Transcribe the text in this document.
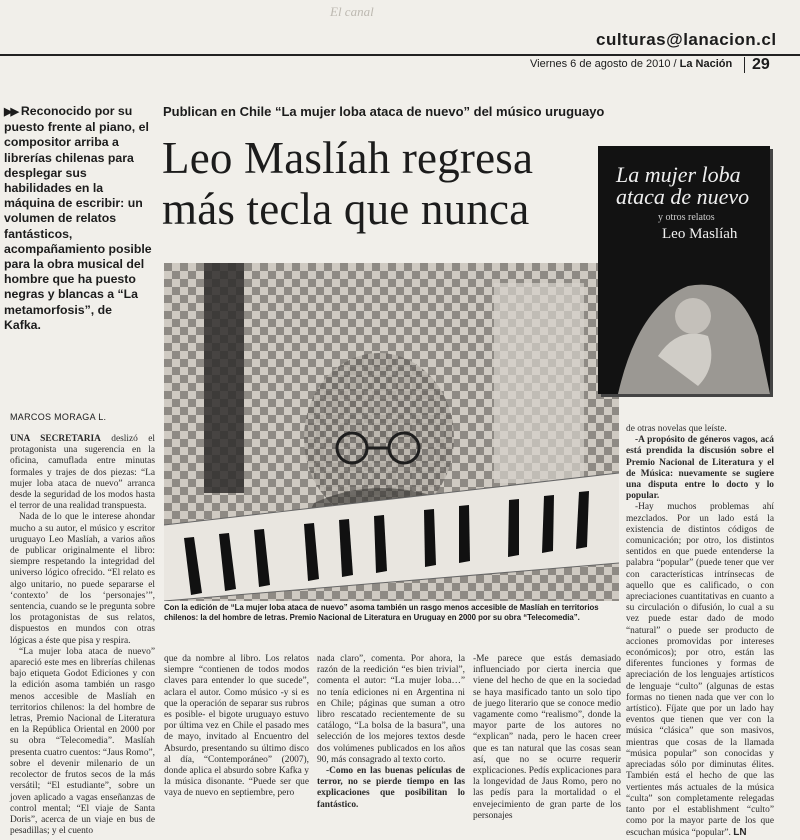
El canal
culturas@lanacion.cl
Viernes 6 de agosto de 2010 / La Nación 29
▶▶ Reconocido por su puesto frente al piano, el compositor arriba a librerías chilenas para desplegar sus habilidades en la máquina de escribir: un volumen de relatos fantásticos, acompañamiento posible para la obra musical del hombre que ha puesto negras y blancas a “La metamorfosis”, de Kafka.
Publican en Chile “La mujer loba ataca de nuevo” del músico uruguayo
Leo Maslíah regresa más tecla que nunca
La mujer loba ataca de nuevo
y otros relatos
Leo Maslíah
Con la edición de “La mujer loba ataca de nuevo” asoma también un rasgo menos accesible de Maslíah en territorios chilenos: la del hombre de letras. Premio Nacional de Literatura en Uruguay en 2000 por su obra “Telecomedia”.
MARCOS MORAGA L.

UNA SECRETARIA deslizó el protagonista una sugerencia en la oficina, camuflada entre minutas formales y trajes de dos piezas: “La mujer loba ataca de nuevo” arranca desde la seguridad de los modos hasta el terror de una realidad transpuesta.

Nada de lo que le interese ahondar mucho a su autor, el músico y escritor uruguayo Leo Maslíah, a varios años de publicar originalmente el libro: siempre respetando la integridad del universo lógico ofrecido. “El relato es algo unitario, no puede separarse el ‘contexto’ de los ‘personajes’”, sentencia, cuando se le pregunta sobre los protagonistas de sus relatos, dispuestos en mundos con otras lógicas a éste que pisa y respira.

“La mujer loba ataca de nuevo” apareció este mes en librerías chilenas bajo etiqueta Godot Ediciones y con la edición asoma también un rasgo menos accesible de Maslíah en territorios chilenos: la del hombre de letras, Premio Nacional de Literatura en la República Oriental en 2000 por su obra “Telecomedia”. Maslíah presenta cuatro cuentos: “Jaus Romo”, sobre el devenir milenario de un recolector de frutos secos de la más versátil; “El estudiante”, sobre un joven aplicado a vagas enseñanzas de control mental; “El viaje de Santa Doris”, acerca de un viaje en bus de pesadillas; y el cuento

que da nombre al libro. Los relatos siempre “contienen de todos modos claves para entender lo que sucede”, aclara el autor. Como músico -y si es que la operación de separar sus rubros es posible- el bigote uruguayo estuvo por última vez en Chile el pasado mes de mayo, invitado al Encuentro del Absurdo, presentando su último disco al día, “Contemporáneo” (2007), donde aplica el absurdo sobre Kafka y la música disonante. “Puede ser que vaya de nuevo en septiembre, pero

nada claro”, comenta. Por ahora, la razón de la reedición “es bien trivial”, comenta el autor: “La mujer loba…” no tenía ediciones ni en Argentina ni en Chile; páginas que suman a otro libro rescatado recientemente de su catálogo, “La bolsa de la basura”, una selección de los mejores textos desde dos volúmenes publicados en los años 90, más consagrado al texto corto.

-Como en las buenas películas de terror, no se pierde tiempo en las explicaciones que posibilitan lo fantástico.

-Me parece que estás demasiado influenciado por cierta inercia que viene del hecho de que en la sociedad se haya masificado tanto un solo tipo de juego literario que se conoce medio vagamente como “realismo”, donde la mayor parte de los autores no “explican” nada, pero le hacen creer que es tan natural que las cosas sean así, que no se ocurre requerir explicaciones. Pedís explicaciones para la longevidad de Jaus Romo, pero no las pedís para la mortalidad o el envejecimiento de gran parte de los personajes

de otras novelas que leíste.

-A propósito de géneros vagos, acá está prendida la discusión sobre el Premio Nacional de Literatura y el de Música: nuevamente se sugiere una disputa entre lo docto y lo popular.

-Hay muchos problemas ahí mezclados. Por un lado está la existencia de distintos códigos de comunicación; por otro, los distintos sentidos en que puede entenderse la palabra “popular” (puede tener que ver con características intrínsecas de aquello que es calificado, o con apreciaciones cuantitativas en cuanto a su circulación o difusión, lo cual a su vez puede estar dado de modo “natural” o puede ser producto de acciones promovidas por intereses económicos); por otro, están las diferentes funciones y formas de apreciación de los lenguajes artísticos de lenguaje “culto” (algunas de estas formas no tienen nada que ver con lo artístico). Fíjate que por un lado hay eventos que tienen que ver con la música “clásica” que son masivos, mientras que cosas de la llamada “música popular” son conocidas y apreciadas sólo por diminutas élites. También está el hecho de que las vertientes más actuales de la música “culta” son completamente relegadas tanto por el establishment “culto” como por la mayor parte de los que escuchan música “popular”. LN
